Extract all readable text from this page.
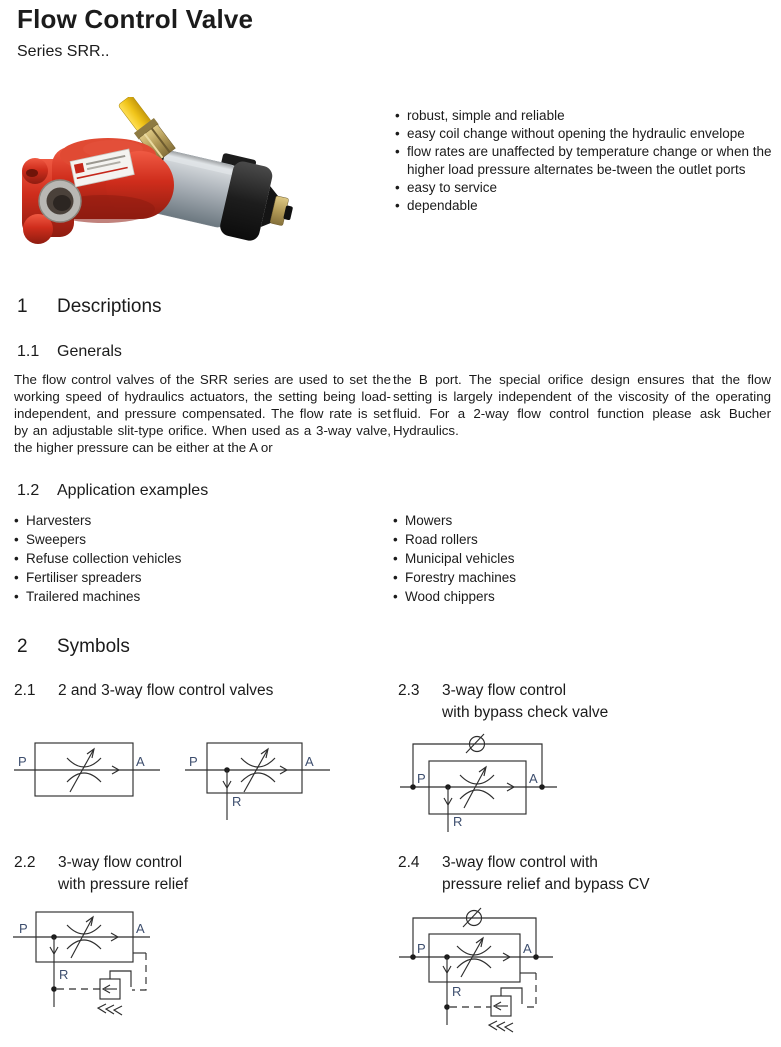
Flow Control Valve
Series SRR..
• robust, simple and reliable
• easy coil change without opening the hydraulic envelope
• flow rates are unaffected by temperature change or when the higher load pressure alternates be-tween the outlet ports
• easy to service
• dependable
1	Descriptions
1.1	Generals
The flow control valves of the SRR series are used to set the working speed of hydraulics actuators, the setting being load-independent, and pressure compensated. The flow rate is set by an adjustable slit-type orifice. When used as a 3-way valve, the higher pressure can be either at the A or
the B port. The special orifice design ensures that the flow setting is largely independent of the viscosity of the operating fluid. For a 2-way flow control function please ask Bucher Hydraulics.
1.2	Application examples
• Harvesters
• Sweepers
• Refuse collection vehicles
• Fertiliser spreaders
• Trailered machines
• Mowers
• Road rollers
• Municipal vehicles
• Forestry machines
• Wood chippers
2	Symbols
2.1	2 and 3-way flow control valves	2.3	3-way flow control
with bypass check valve
P	A	P	A
R
P	A
R
2.2	3-way flow control
with pressure relief
2.4	3-way flow control with
pressure relief and bypass CV
P	A
R
P	A
R
